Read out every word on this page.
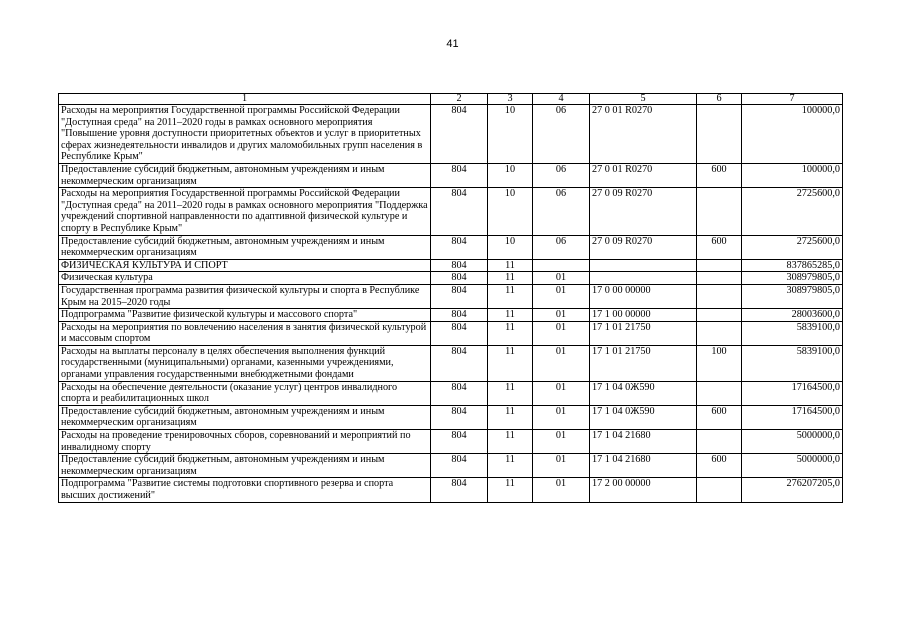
41
1	2	3	4	5	6	7
Расходы на мероприятия Государственной программы Российской Федерации "Доступная среда" на 2011–2020 годы в рамках основного мероприятия "Повышение уровня доступности приоритетных объектов и услуг в приоритетных сферах жизнедеятельности инвалидов и других маломобильных групп населения в Республике Крым"	804	10	06	27 0 01 R0270		100000,0
Предоставление субсидий бюджетным, автономным учреждениям и иным некоммерческим организациям	804	10	06	27 0 01 R0270	600	100000,0
Расходы на мероприятия Государственной программы Российской Федерации "Доступная среда" на 2011–2020 годы в рамках основного мероприятия "Поддержка учреждений спортивной направленности по адаптивной физической культуре и спорту в Республике Крым"	804	10	06	27 0 09 R0270		2725600,0
Предоставление субсидий бюджетным, автономным учреждениям и иным некоммерческим организациям	804	10	06	27 0 09 R0270	600	2725600,0
ФИЗИЧЕСКАЯ КУЛЬТУРА И СПОРТ	804	11				837865285,0
Физическая культура	804	11	01			308979805,0
Государственная программа развития физической культуры и спорта в Республике Крым на 2015–2020 годы	804	11	01	17 0 00 00000		308979805,0
Подпрограмма "Развитие физической культуры и массового спорта"	804	11	01	17 1 00 00000		28003600,0
Расходы на мероприятия по вовлечению населения в занятия физической культурой и массовым спортом	804	11	01	17 1 01 21750		5839100,0
Расходы на выплаты персоналу в целях обеспечения выполнения функций государственными (муниципальными) органами, казенными учреждениями, органами управления государственными внебюджетными фондами	804	11	01	17 1 01 21750	100	5839100,0
Расходы на обеспечение деятельности (оказание услуг) центров инвалидного спорта и реабилитационных школ	804	11	01	17 1 04 0Ж590		17164500,0
Предоставление субсидий бюджетным, автономным учреждениям и иным некоммерческим организациям	804	11	01	17 1 04 0Ж590	600	17164500,0
Расходы на проведение тренировочных сборов, соревнований и мероприятий по инвалидному спорту	804	11	01	17 1 04 21680		5000000,0
Предоставление субсидий бюджетным, автономным учреждениям и иным некоммерческим организациям	804	11	01	17 1 04 21680	600	5000000,0
Подпрограмма "Развитие системы подготовки спортивного резерва и спорта высших достижений"	804	11	01	17 2 00 00000		276207205,0
